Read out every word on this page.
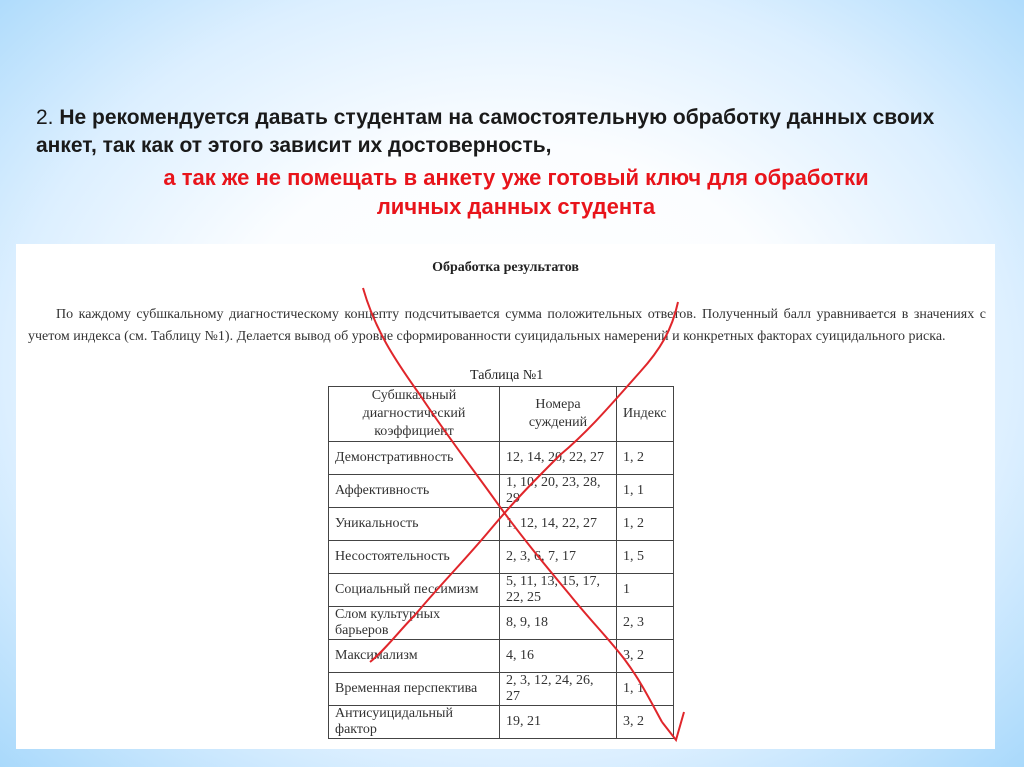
2. Не рекомендуется давать студентам на самостоятельную обработку данных своих анкет, так как от этого зависит их достоверность,
а так же не помещать в анкету уже готовый ключ для обработки
личных данных студента
Обработка результатов
По каждому субшкальному диагностическому концепту подсчитывается сумма положительных ответов. Полученный балл уравнивается в значениях с учетом индекса (см. Таблицу №1). Делается вывод об уровне сформированности суицидальных намерений и конкретных факторах суицидального риска.
Таблица №1
Субшкальный диагностический коэффициент	Номера суждений	Индекс
Демонстративность	12, 14, 20, 22, 27	1, 2
Аффективность	1, 10, 20, 23, 28, 29	1, 1
Уникальность	1, 12, 14, 22, 27	1, 2
Несостоятельность	2, 3, 6, 7, 17	1, 5
Социальный пессимизм	5, 11, 13, 15, 17, 22, 25	1
Слом культурных барьеров	8, 9, 18	2, 3
Максимализм	4, 16	3, 2
Временная перспектива	2, 3, 12, 24, 26, 27	1, 1
Антисуицидальный фактор	19, 21	3, 2
